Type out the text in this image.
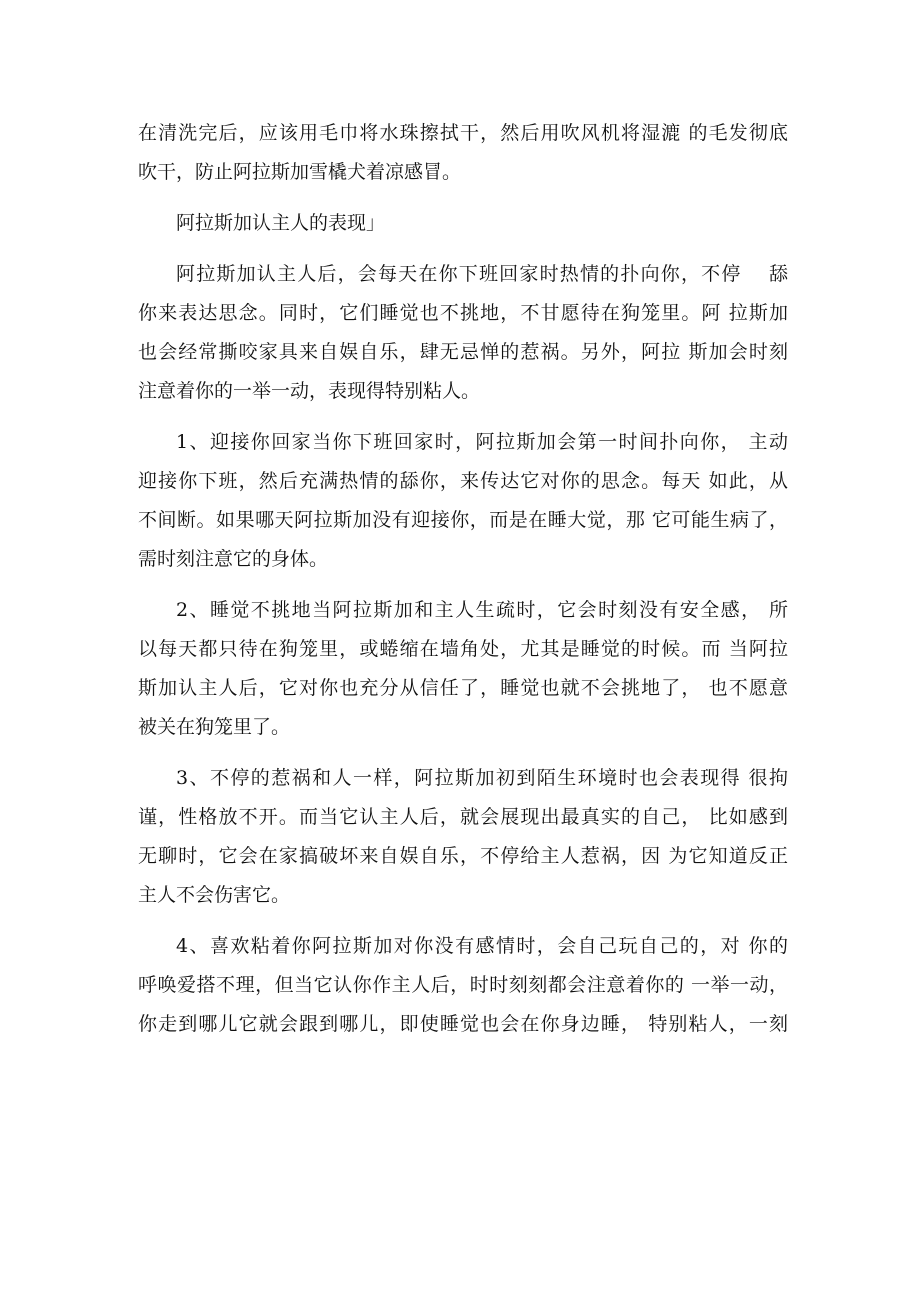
在清洗完后，应该用毛巾将水珠擦拭干，然后用吹风机将湿漉 的毛发彻底
吹干，防止阿拉斯加雪橇犬着凉感冒。

阿拉斯加认主人的表现」

阿拉斯加认主人后，会每天在你下班回家时热情的扑向你，不停　 舔
你来表达思念。同时，它们睡觉也不挑地，不甘愿待在狗笼里。阿 拉斯加
也会经常撕咬家具来自娱自乐，肆无忌惮的惹祸。另外，阿拉 斯加会时刻
注意着你的一举一动，表现得特别粘人。

1、迎接你回家当你下班回家时，阿拉斯加会第一时间扑向你， 主动
迎接你下班，然后充满热情的舔你，来传达它对你的思念。每天 如此，从
不间断。如果哪天阿拉斯加没有迎接你，而是在睡大觉，那 它可能生病了，
需时刻注意它的身体。

2、睡觉不挑地当阿拉斯加和主人生疏时，它会时刻没有安全感， 所
以每天都只待在狗笼里，或蜷缩在墙角处，尤其是睡觉的时候。而 当阿拉
斯加认主人后，它对你也充分从信任了，睡觉也就不会挑地了， 也不愿意
被关在狗笼里了。

3、不停的惹祸和人一样，阿拉斯加初到陌生环境时也会表现得 很拘
谨，性格放不开。而当它认主人后，就会展现出最真实的自己， 比如感到
无聊时，它会在家搞破坏来自娱自乐，不停给主人惹祸，因 为它知道反正
主人不会伤害它。

4、喜欢粘着你阿拉斯加对你没有感情时，会自己玩自己的，对 你的
呼唤爱搭不理，但当它认你作主人后，时时刻刻都会注意着你的 一举一动，
你走到哪儿它就会跟到哪儿，即使睡觉也会在你身边睡， 特别粘人，一刻
